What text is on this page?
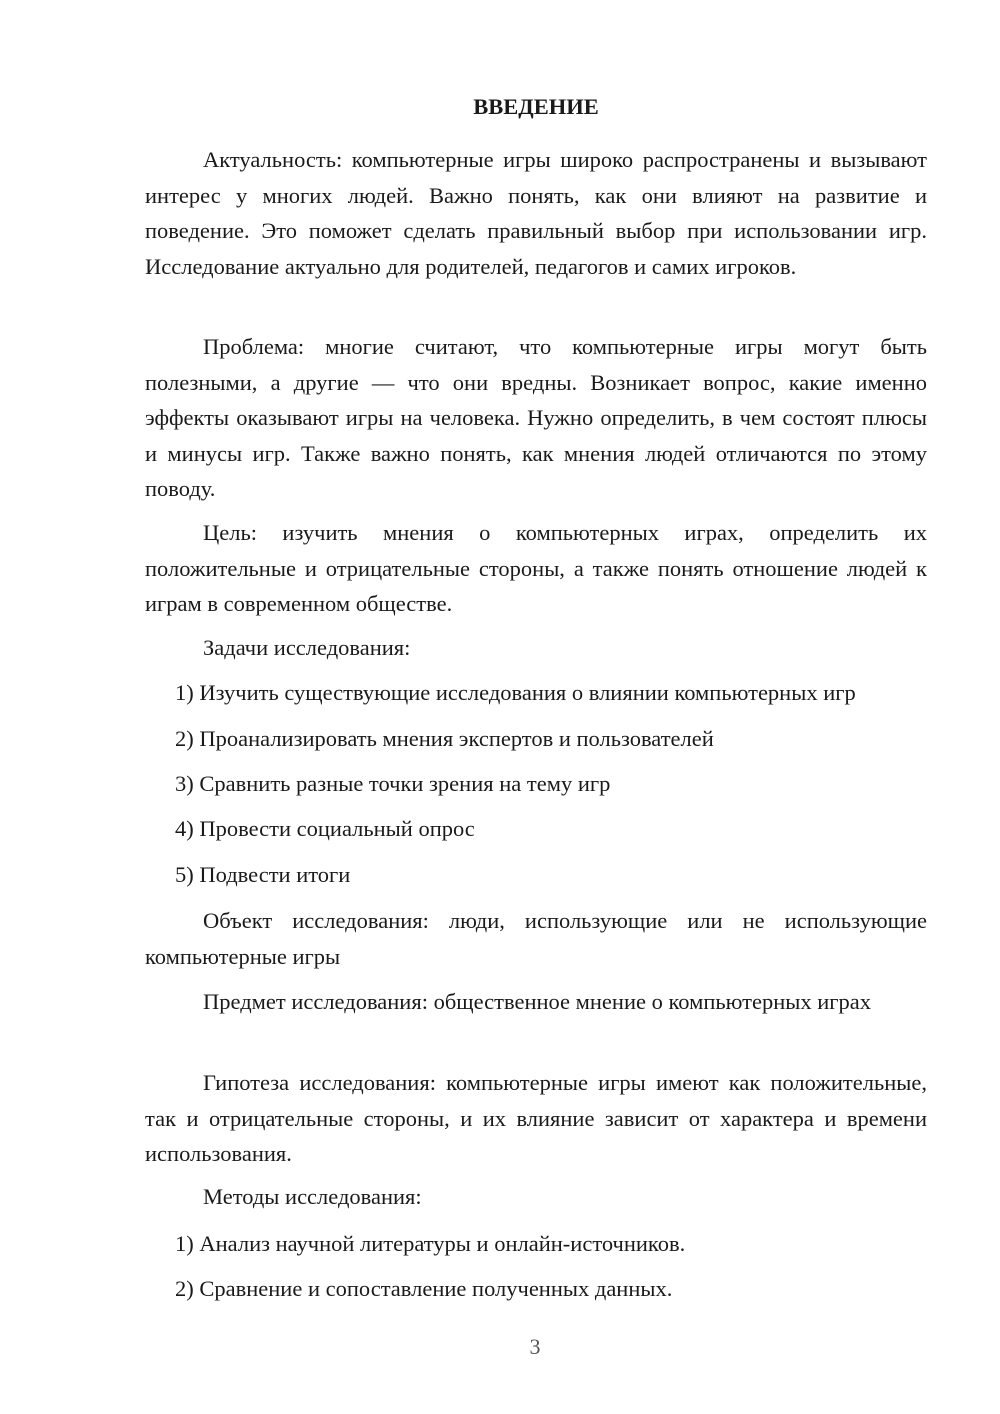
ВВЕДЕНИЕ

Актуальность: компьютерные игры широко распространены и вызывают интерес у многих людей. Важно понять, как они влияют на развитие и поведение. Это поможет сделать правильный выбор при использовании игр. Исследование актуально для родителей, педагогов и самих игроков.

Проблема: многие считают, что компьютерные игры могут быть полезными, а другие — что они вредны. Возникает вопрос, какие именно эффекты оказывают игры на человека. Нужно определить, в чем состоят плюсы и минусы игр. Также важно понять, как мнения людей отличаются по этому поводу.

Цель: изучить мнения о компьютерных играх, определить их положительные и отрицательные стороны, а также понять отношение людей к играм в современном обществе.

Задачи исследования:

1) Изучить существующие исследования о влиянии компьютерных игр

2) Проанализировать мнения экспертов и пользователей

3) Сравнить разные точки зрения на тему игр

4) Провести социальный опрос

5) Подвести итоги

Объект исследования: люди, использующие или не использующие компьютерные игры

Предмет исследования: общественное мнение о компьютерных играх

Гипотеза исследования: компьютерные игры имеют как положительные, так и отрицательные стороны, и их влияние зависит от характера и времени использования.

Методы исследования:

1) Анализ научной литературы и онлайн-источников.

2) Сравнение и сопоставление полученных данных.

3
